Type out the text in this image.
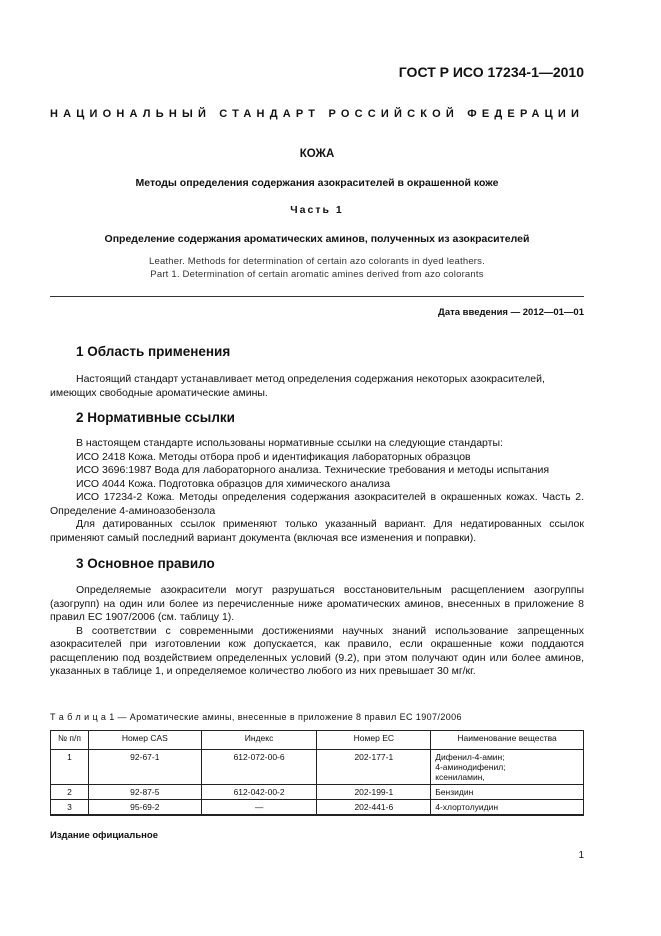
ГОСТ Р ИСО 17234-1—2010
НАЦИОНАЛЬНЫЙ СТАНДАРТ РОССИЙСКОЙ ФЕДЕРАЦИИ
КОЖА
Методы определения содержания азокрасителей в окрашенной коже
Часть 1
Определение содержания ароматических аминов, полученных из азокрасителей
Leather. Methods for determination of certain azo colorants in dyed leathers.
Part 1. Determination of certain aromatic amines derived from azo colorants
Дата введения — 2012—01—01
1 Область применения

Настоящий стандарт устанавливает метод определения содержания некоторых азокрасителей, имеющих свободные ароматические амины.

2 Нормативные ссылки

В настоящем стандарте использованы нормативные ссылки на следующие стандарты:

ИСО 2418 Кожа. Методы отбора проб и идентификация лабораторных образцов

ИСО 3696:1987 Вода для лабораторного анализа. Технические требования и методы испытания

ИСО 4044 Кожа. Подготовка образцов для химического анализа

ИСО 17234-2 Кожа. Методы определения содержания азокрасителей в окрашенных кожах. Часть 2. Определение 4-аминоазобензола

Для датированных ссылок применяют только указанный вариант. Для недатированных ссылок применяют самый последний вариант документа (включая все изменения и поправки).

3 Основное правило

Определяемые азокрасители могут разрушаться восстановительным расщеплением азогруппы (азогрупп) на один или более из перечисленные ниже ароматических аминов, внесенных в приложение 8 правил ЕС 1907/2006 (см. таблицу 1).

В соответствии с современными достижениями научных знаний использование запрещенных азокрасителей при изготовлении кож допускается, как правило, если окрашенные кожи поддаются расщеплению под воздействием определенных условий (9.2), при этом получают один или более аминов, указанных в таблице 1, и определяемое количество любого из них превышает 30 мг/кг.

Т а б л и ц а 1 — Ароматические амины, внесенные в приложение 8 правил ЕС 1907/2006
№ п/п	Номер CAS	Индекс	Номер ЕС	Наименование вещества
1	92-67-1	612-072-00-6	202-177-1	Дифенил-4-амин;
4-аминодифенил;
ксениламин,

2	92-87-5	612-042-00-2	202-199-1	Бензидин
3	95-69-2	—	202-441-6	4-хлортолуидин
Издание официальное
1
